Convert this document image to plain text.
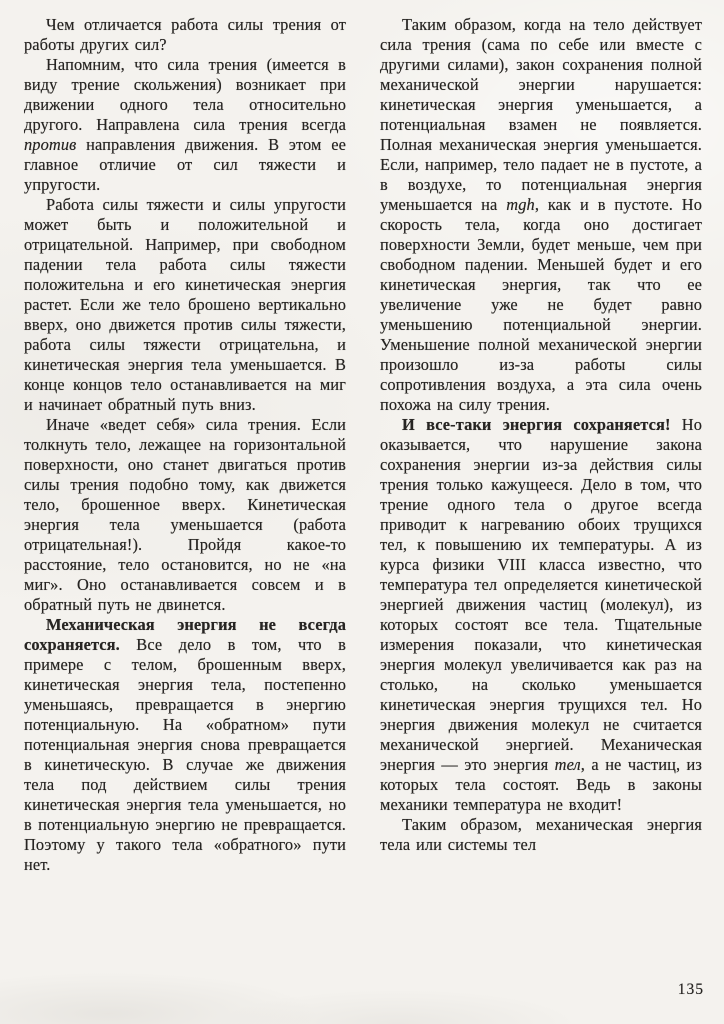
Чем отличается работа силы трения от работы других сил?

Напомним, что сила трения (имеется в виду трение скольжения) возникает при движении одного тела относительно другого. Направлена сила трения всегда против направления движения. В этом ее главное отличие от сил тяжести и упругости.

Работа силы тяжести и силы упругости может быть и положительной и отрицательной. Например, при свободном падении тела работа силы тяжести положительна и его кинетическая энергия растет. Если же тело брошено вертикально вверх, оно движется против силы тяжести, работа силы тяжести отрицательна, и кинетическая энергия тела уменьшается. В конце концов тело останавливается на миг и начинает обратный путь вниз.

Иначе «ведет себя» сила трения. Если толкнуть тело, лежащее на горизонтальной поверхности, оно станет двигаться против силы трения подобно тому, как движется тело, брошенное вверх. Кинетическая энергия тела уменьшается (работа отрицательная!). Пройдя какое-то расстояние, тело остановится, но не «на миг». Оно останавливается совсем и в обратный путь не двинется.

Механическая энергия не всегда сохраняется. Все дело в том, что в примере с телом, брошенным вверх, кинетическая энергия тела, постепенно уменьшаясь, превращается в энергию потенциальную. На «обратном» пути потенциальная энергия снова превращается в кинетическую. В случае же движения тела под действием силы трения кинетическая энергия тела уменьшается, но в потенциальную энергию не превращается. Поэтому у такого тела «обратного» пути нет.

Таким образом, когда на тело действует сила трения (сама по себе или вместе с другими силами), закон сохранения полной механической энергии нарушается: кинетическая энергия уменьшается, а потенциальная взамен не появляется. Полная механическая энергия уменьшается. Если, например, тело падает не в пустоте, а в воздухе, то потенциальная энергия уменьшается на mgh, как и в пустоте. Но скорость тела, когда оно достигает поверхности Земли, будет меньше, чем при свободном падении. Меньшей будет и его кинетическая энергия, так что ее увеличение уже не будет равно уменьшению потенциальной энергии. Уменьшение полной механической энергии произошло из-за работы силы сопротивления воздуха, а эта сила очень похожа на силу трения.

И все-таки энергия сохраняется! Но оказывается, что нарушение закона сохранения энергии из-за действия силы трения только кажущееся. Дело в том, что трение одного тела о другое всегда приводит к нагреванию обоих трущихся тел, к повышению их температуры. А из курса физики VIII класса известно, что температура тел определяется кинетической энергией движения частиц (молекул), из которых состоят все тела. Тщательные измерения показали, что кинетическая энергия молекул увеличивается как раз на столько, на сколько уменьшается кинетическая энергия трущихся тел. Но энергия движения молекул не считается механической энергией. Механическая энергия — это энергия тел, а не частиц, из которых тела состоят. Ведь в законы механики температура не входит!

Таким образом, механическая энергия тела или системы тел

135
